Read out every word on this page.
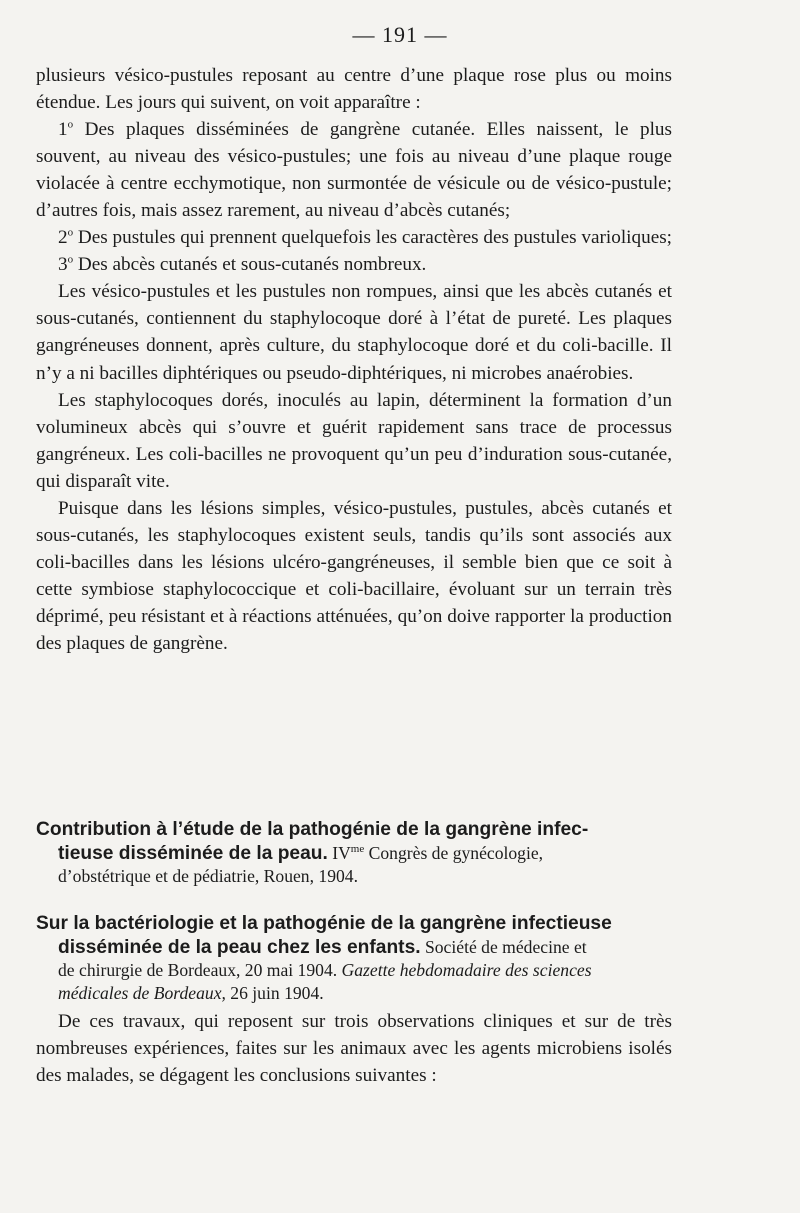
— 191 —

plusieurs vésico-pustules reposant au centre d’une plaque rose plus ou moins étendue. Les jours qui suivent, on voit apparaître :

1$^o$ Des plaques disséminées de gangrène cutanée. Elles naissent, le plus souvent, au niveau des vésico-pustules; une fois au niveau d’une plaque rouge violacée à centre ecchymotique, non surmontée de vésicule ou de vésico-pustule; d’autres fois, mais assez rarement, au niveau d’abcès cutanés;

2$^o$ Des pustules qui prennent quelquefois les caractères des pustules varioliques;

3$^o$ Des abcès cutanés et sous-cutanés nombreux.

Les vésico-pustules et les pustules non rompues, ainsi que les abcès cutanés et sous-cutanés, contiennent du staphylocoque doré à l’état de pureté. Les plaques gangréneuses donnent, après culture, du staphylocoque doré et du coli-bacille. Il n’y a ni bacilles diphtériques ou pseudo-diphtériques, ni microbes anaérobies.

Les staphylocoques dorés, inoculés au lapin, déterminent la formation d’un volumineux abcès qui s’ouvre et guérit rapidement sans trace de processus gangréneux. Les coli-bacilles ne provoquent qu’un peu d’induration sous-cutanée, qui disparaît vite.

Puisque dans les lésions simples, vésico-pustules, pustules, abcès cutanés et sous-cutanés, les staphylocoques existent seuls, tandis qu’ils sont associés aux coli-bacilles dans les lésions ulcéro-gangréneuses, il semble bien que ce soit à cette symbiose staphylococcique et coli-bacillaire, évoluant sur un terrain très déprimé, peu résistant et à réactions atténuées, qu’on doive rapporter la production des plaques de gangrène.

Contribution à l’étude de la pathogénie de la gangrène infec-
tieuse disséminée de la peau. $IV^{me}$ Congrès de gynécologie,
d’obstétrique et de pédiatrie, Rouen, 1904.
Sur la bactériologie et la pathogénie de la gangrène infectieuse
disséminée de la peau chez les enfants. Société de médecine et
de chirurgie de Bordeaux, 20 mai 1904. Gazette hebdomadaire des sciences
médicales de Bordeaux, 26 juin 1904.

De ces travaux, qui reposent sur trois observations cliniques et sur de très nombreuses expériences, faites sur les animaux avec les agents microbiens isolés des malades, se dégagent les conclusions suivantes :
